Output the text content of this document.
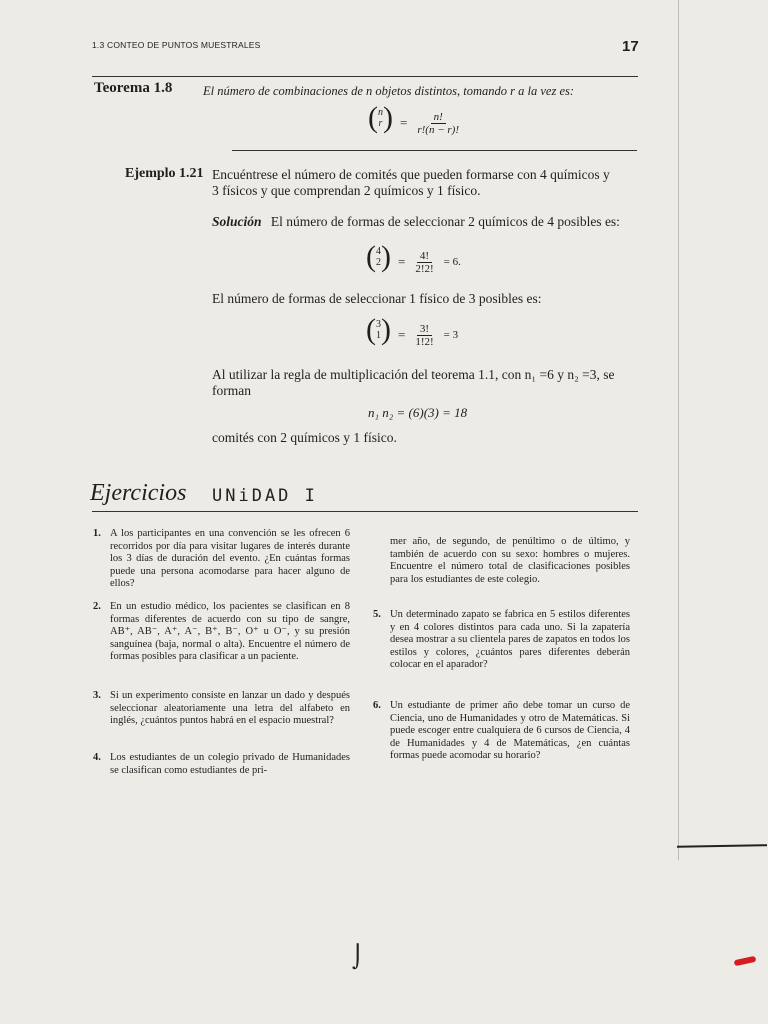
1.3 CONTEO DE PUNTOS MUESTRALES	17
Teorema 1.8 El número de combinaciones de n objetos distintos, tomando r a la vez es:
( n
r ) = $\frac{n!}{r!(n - r)!}$
Ejemplo 1.21 Encuéntrese el número de comités que pueden formarse con 4 químicos y
3 físicos y que comprendan 2 químicos y 1 físico.
Solución El número de formas de seleccionar 2 químicos de 4 posibles es:
( 4
2 ) = $\frac{4!}{2!2!} = 6$.
El número de formas de seleccionar 1 físico de 3 posibles es:
( 3
1 ) = $\frac{3!}{1!2!} = 3$
Al utilizar la regla de multiplicación del teorema 1.1, con n₁ =6 y n₂ =3, se
forman
n₁ n₂ = (6)(3) = 18
comités con 2 químicos y 1 físico.
Ejercicios UNiDAD I
1. A los participantes en una convención se les ofrecen 6 recorridos por día para visitar lugares de interés durante los 3 días de duración del evento. ¿En cuántas formas puede una persona acomodarse para hacer alguno de ellos?
2. En un estudio médico, los pacientes se clasifican en 8 formas diferentes de acuerdo con su tipo de sangre, AB⁺, AB⁻, A⁺, A⁻, B⁺, B⁻, O⁺ u O⁻, y su presión sanguínea (baja, normal o alta). Encuentre el número de formas posibles para clasificar a un paciente.
3. Si un experimento consiste en lanzar un dado y después seleccionar aleatoriamente una letra del alfabeto en inglés, ¿cuántos puntos habrá en el espacio muestral?
4. Los estudiantes de un colegio privado de Humanidades se clasifican como estudiantes de pri-
mer año, de segundo, de penúltimo o de último, y también de acuerdo con su sexo: hombres o mujeres. Encuentre el número total de clasificaciones posibles para los estudiantes de este colegio.
5. Un determinado zapato se fabrica en 5 estilos diferentes y en 4 colores distintos para cada uno. Si la zapatería desea mostrar a su clientela pares de zapatos en todos los estilos y colores, ¿cuántos pares diferentes deberán colocar en el aparador?
6. Un estudiante de primer año debe tomar un curso de Ciencia, uno de Humanidades y otro de Matemáticas. Si puede escoger entre cualquiera de 6 cursos de Ciencia, 4 de Humanidades y 4 de Matemáticas, ¿en cuántas formas puede acomodar su horario?
⌡
